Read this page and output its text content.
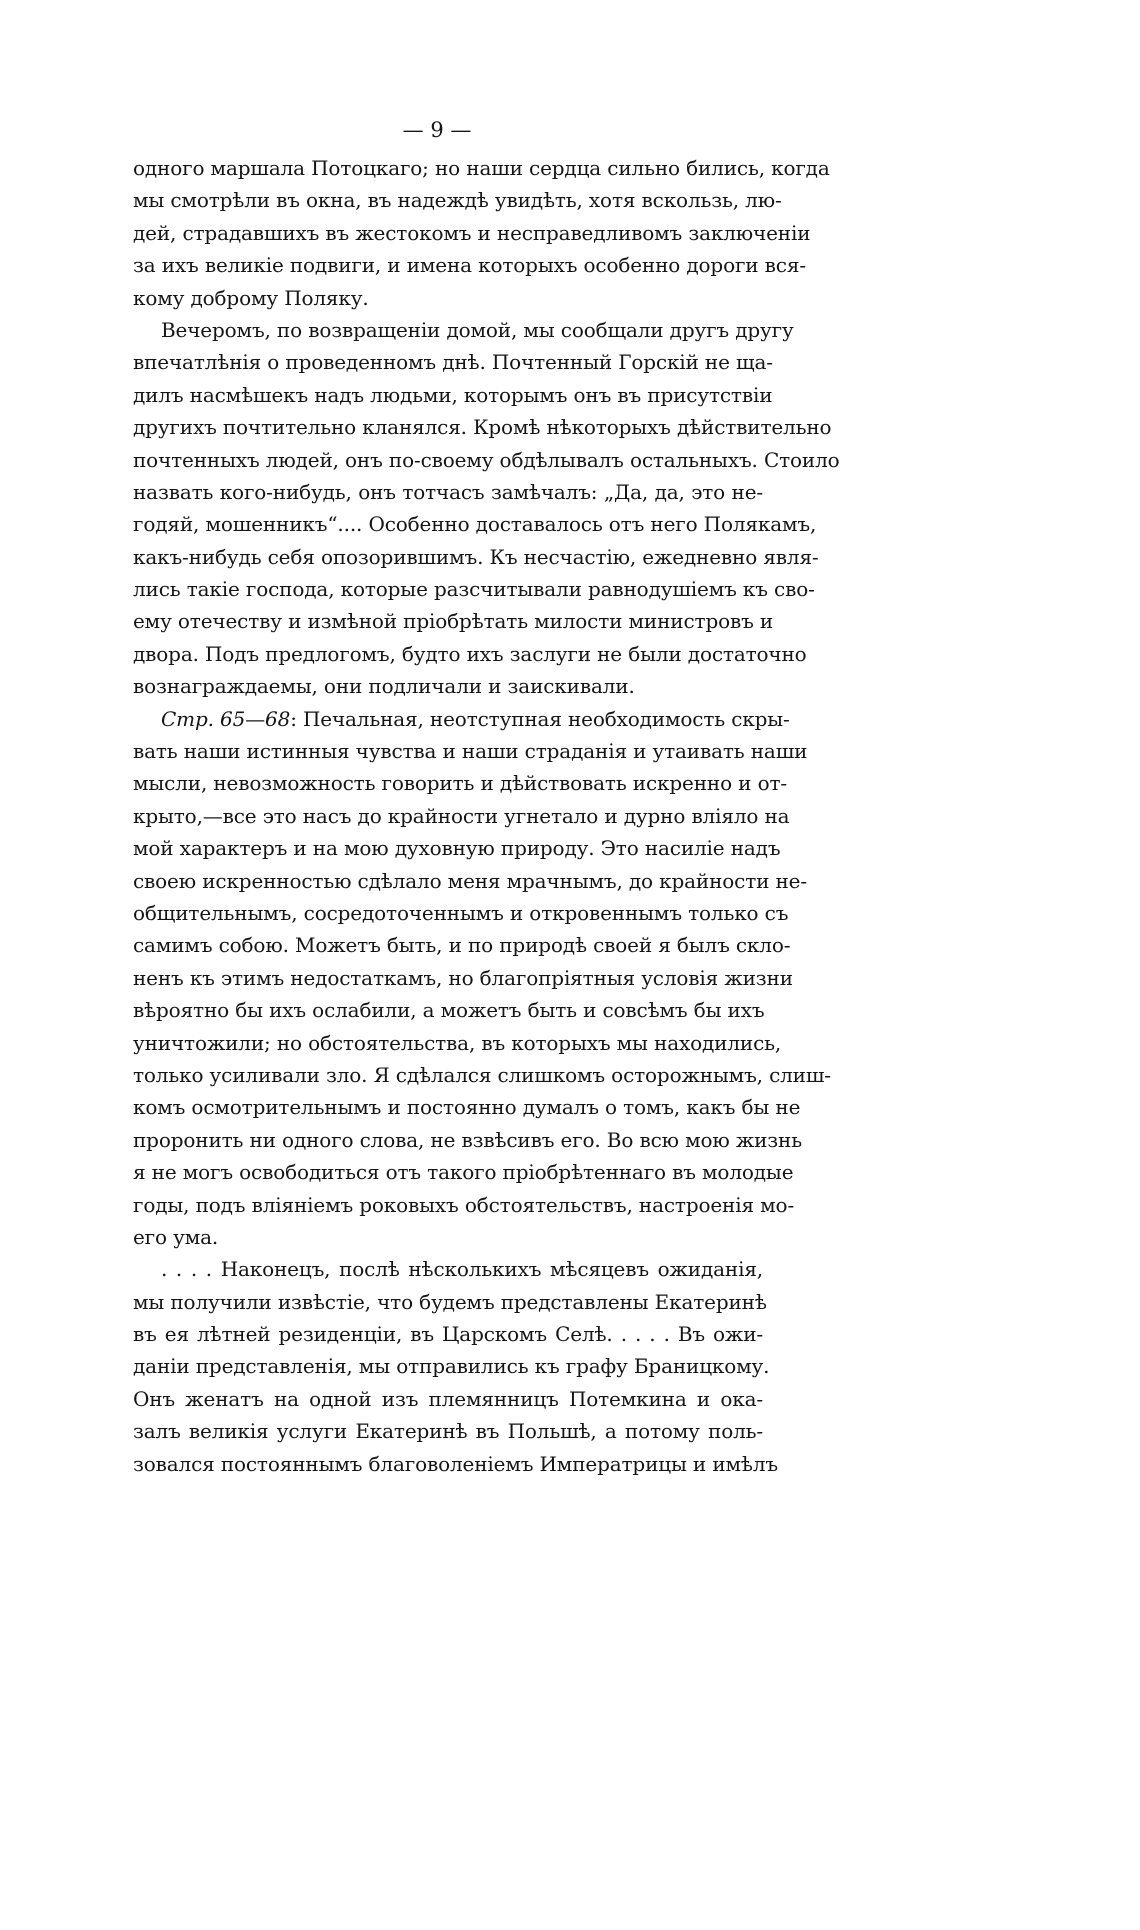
— 9 —
одного маршала Потоцкаго; но наши сердца сильно бились, когда
мы смотрѣли въ окна, въ надеждѣ увидѣть, хотя вскользь, лю-
дей, страдавшихъ въ жестокомъ и несправедливомъ заключеніи
за ихъ великіе подвиги, и имена которыхъ особенно дороги вся-
кому доброму Поляку.
Вечеромъ, по возвращеніи домой, мы сообщали другъ другу
впечатлѣнія о проведенномъ днѣ. Почтенный Горскій не ща-
дилъ насмѣшекъ надъ людьми, которымъ онъ въ присутствіи
другихъ почтительно кланялся. Кромѣ нѣкоторыхъ дѣйствительно
почтенныхъ людей, онъ по-своему обдѣлывалъ остальныхъ. Стоило
назвать кого-нибудь, онъ тотчасъ замѣчалъ: „Да, да, это не-
годяй, мошенникъ“.... Особенно доставалось отъ него Полякамъ,
какъ-нибудь себя опозорившимъ. Къ несчастію, ежедневно явля-
лись такіе господа, которые разсчитывали равнодушіемъ къ сво-
ему отечеству и измѣной пріобрѣтать милости министровъ и
двора. Подъ предлогомъ, будто ихъ заслуги не были достаточно
вознаграждаемы, они подличали и заискивали.
Стр. 65—68: Печальная, неотступная необходимость скры-
вать наши истинныя чувства и наши страданія и утаивать наши
мысли, невозможность говорить и дѣйствовать искренно и от-
крыто,—все это насъ до крайности угнетало и дурно вліяло на
мой характеръ и на мою духовную природу. Это насиліе надъ
своею искренностью сдѣлало меня мрачнымъ, до крайности не-
общительнымъ, сосредоточеннымъ и откровеннымъ только съ
самимъ собою. Можетъ быть, и по природѣ своей я былъ скло-
ненъ къ этимъ недостаткамъ, но благопріятныя условія жизни
вѣроятно бы ихъ ослабили, а можетъ быть и совсѣмъ бы ихъ
уничтожили; но обстоятельства, въ которыхъ мы находились,
только усиливали зло. Я сдѣлался слишкомъ осторожнымъ, слиш-
комъ осмотрительнымъ и постоянно думалъ о томъ, какъ бы не
проронить ни одного слова, не взвѣсивъ его. Во всю мою жизнь
я не могъ освободиться отъ такого пріобрѣтеннаго въ молодые
годы, подъ вліяніемъ роковыхъ обстоятельствъ, настроенія мо-
его ума.
. . . . Наконецъ, послѣ нѣсколькихъ мѣсяцевъ ожиданія,
мы получили извѣстіе, что будемъ представлены Екатеринѣ
въ ея лѣтней резиденціи, въ Царскомъ Селѣ. . . . . Въ ожи-
даніи представленія, мы отправились къ графу Браницкому.
Онъ женатъ на одной изъ племянницъ Потемкина и ока-
залъ великія услуги Екатеринѣ въ Польшѣ, а потому поль-
зовался постояннымъ благоволеніемъ Императрицы и имѣлъ
